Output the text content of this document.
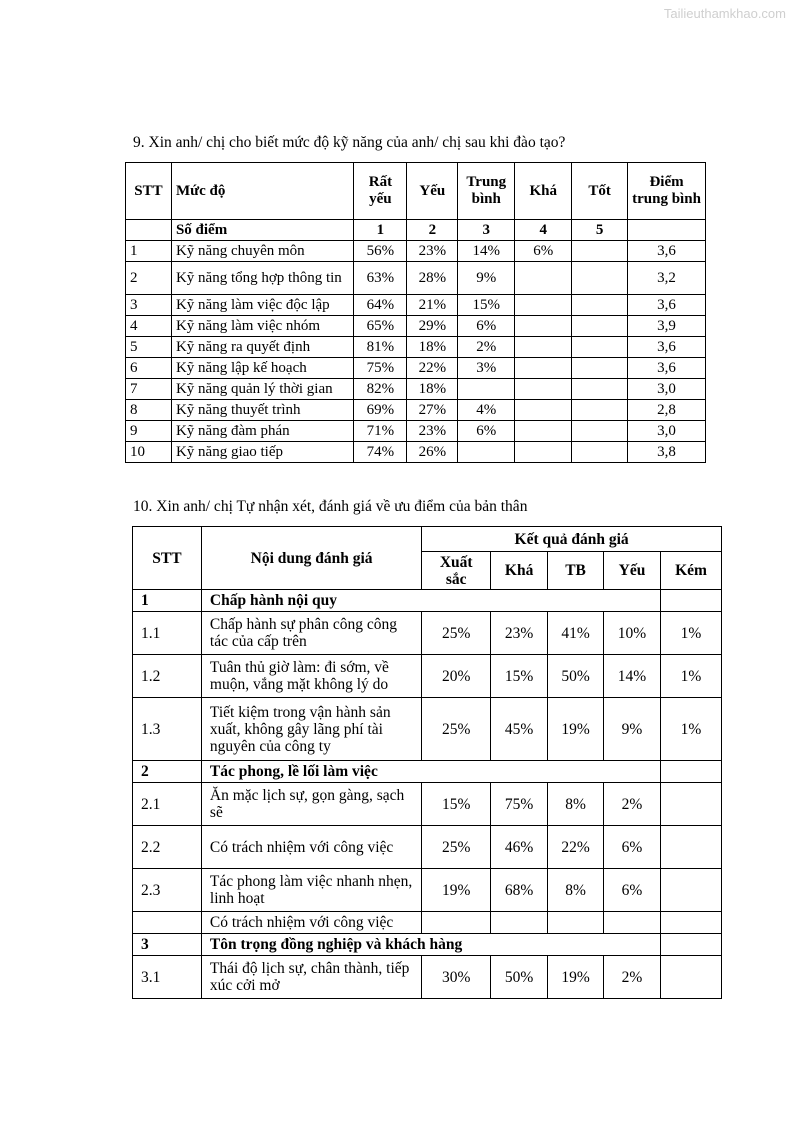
Tailieuthamkhao.com
9. Xin anh/ chị cho biết mức độ kỹ năng của anh/ chị sau khi đào tạo?
STT	Mức độ	Rất yếu	Yếu	Trung bình	Khá	Tốt	Điểm trung bình
	Số điểm	1	2	3	4	5	
1	Kỹ năng chuyên môn	56%	23%	14%	6%		3,6
2	Kỹ năng tổng hợp thông tin	63%	28%	9%			3,2
3	Kỹ năng làm việc độc lập	64%	21%	15%			3,6
4	Kỹ năng làm việc nhóm	65%	29%	6%			3,9
5	Kỹ năng ra quyết định	81%	18%	2%			3,6
6	Kỹ năng lập kế hoạch	75%	22%	3%			3,6
7	Kỹ năng quản lý thời gian	82%	18%				3,0
8	Kỹ năng thuyết trình	69%	27%	4%			2,8
9	Kỹ năng đàm phán	71%	23%	6%			3,0
10	Kỹ năng giao tiếp	74%	26%				3,8
10. Xin anh/ chị Tự nhận xét, đánh giá về ưu điểm của bản thân
STT	Nội dung đánh giá	Kết quả đánh giá				
		Xuất sắc	Khá	TB	Yếu	Kém
1	Chấp hành nội quy					
1.1	Chấp hành sự phân công công tác của cấp trên	25%	23%	41%	10%	1%
1.2	Tuân thủ giờ làm: đi sớm, về muộn, vắng mặt không lý do	20%	15%	50%	14%	1%
1.3	Tiết kiệm trong vận hành sản xuất, không gây lãng phí tài nguyên của công ty	25%	45%	19%	9%	1%
2	Tác phong, lề lối làm việc					
2.1	Ăn mặc lịch sự, gọn gàng, sạch sẽ	15%	75%	8%	2%	
2.2	Có trách nhiệm với công việc	25%	46%	22%	6%	
2.3	Tác phong làm việc nhanh nhẹn, linh hoạt	19%	68%	8%	6%	
	Có trách nhiệm với công việc					
3	Tôn trọng đồng nghiệp và khách hàng					
3.1	Thái độ lịch sự, chân thành, tiếp xúc cởi mở	30%	50%	19%	2%	
